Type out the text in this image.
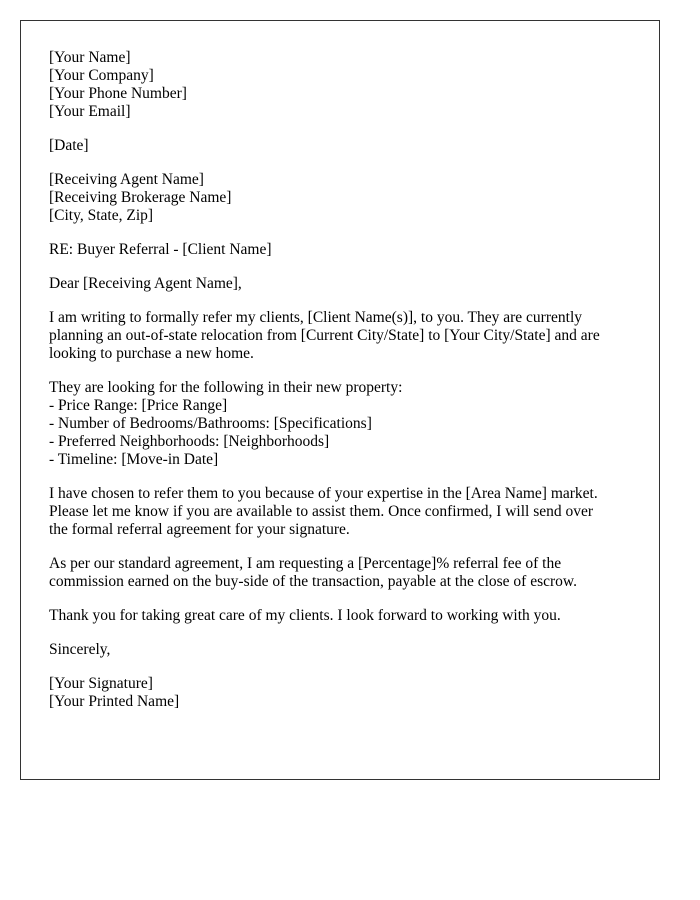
[Your Name]
[Your Company]
[Your Phone Number]
[Your Email]
[Date]
[Receiving Agent Name]
[Receiving Brokerage Name]
[City, State, Zip]
RE: Buyer Referral - [Client Name]
Dear [Receiving Agent Name],
I am writing to formally refer my clients, [Client Name(s)], to you. They are currently
planning an out-of-state relocation from [Current City/State] to [Your City/State] and are
looking to purchase a new home.
They are looking for the following in their new property:
- Price Range: [Price Range]
- Number of Bedrooms/Bathrooms: [Specifications]
- Preferred Neighborhoods: [Neighborhoods]
- Timeline: [Move-in Date]
I have chosen to refer them to you because of your expertise in the [Area Name] market.
Please let me know if you are available to assist them. Once confirmed, I will send over
the formal referral agreement for your signature.
As per our standard agreement, I am requesting a [Percentage]% referral fee of the
commission earned on the buy-side of the transaction, payable at the close of escrow.
Thank you for taking great care of my clients. I look forward to working with you.
Sincerely,
[Your Signature]
[Your Printed Name]
